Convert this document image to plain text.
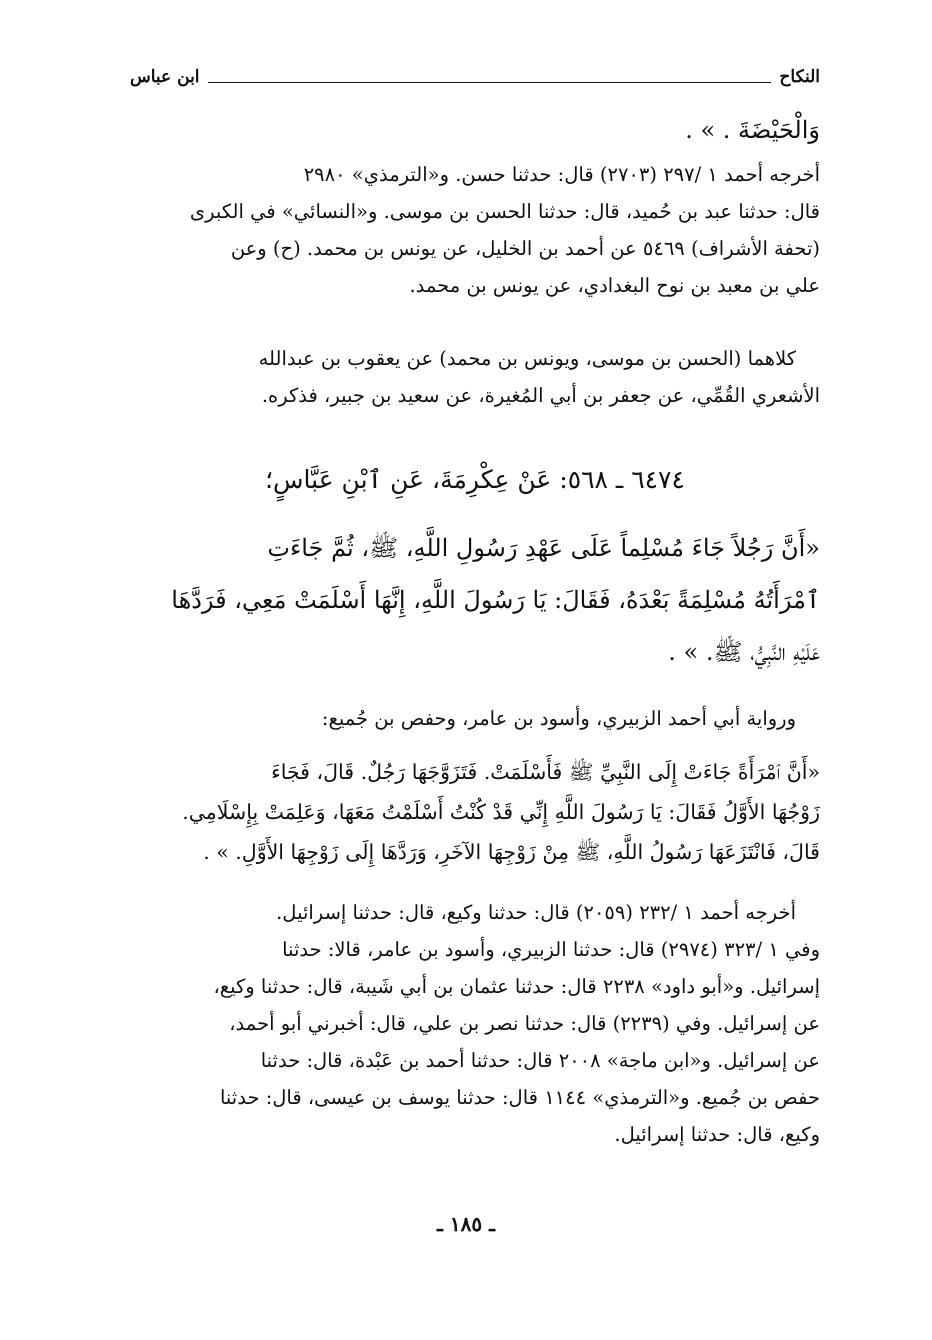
النكاح
ابن عباس
وَالْحَيْضَةَ . » .
أخرجه أحمد ١ /٢٩٧ (٢٧٠٣) قال: حدثنا حسن. و«الترمذي» ٢٩٨٠
قال: حدثنا عبد بن حُميد، قال: حدثنا الحسن بن موسى. و«النسائي» في الكبرى
(تحفة الأشراف) ٥٤٦٩ عن أحمد بن الخليل، عن يونس بن محمد. (ح) وعن
علي بن معبد بن نوح البغدادي، عن يونس بن محمد.
كلاهما (الحسن بن موسى، ويونس بن محمد) عن يعقوب بن عبدالله
الأشعري القُمِّي، عن جعفر بن أبي المُغيرة، عن سعيد بن جبير، فذكره.
٦٤٧٤ ـ ٥٦٨: عَنْ عِكْرِمَةَ، عَنِ ٱبْنِ عَبَّاسٍ؛
«أَنَّ رَجُلاً جَاءَ مُسْلِماً عَلَى عَهْدِ رَسُولِ اللَّهِ، ﷺ، ثُمَّ جَاءَتِ
ٱمْرَأَتُهُ مُسْلِمَةً بَعْدَهُ، فَقَالَ: يَا رَسُولَ اللَّهِ، إِنَّهَا أَسْلَمَتْ مَعِي، فَرَدَّهَا
عَلَيْهِ النَّبِيُّ، ﷺ. » .
ورواية أبي أحمد الزبيري، وأسود بن عامر، وحفص بن جُميع:
«أَنَّ ٱمْرَأَةً جَاءَتْ إِلَى النَّبِيِّ ﷺ فَأَسْلَمَتْ. فَتَزَوَّجَهَا رَجُلٌ. قَالَ، فَجَاءَ
زَوْجُهَا الأَوَّلُ فَقَالَ: يَا رَسُولَ اللَّهِ إِنِّي قَدْ كُنْتُ أَسْلَمْتُ مَعَهَا، وَعَلِمَتْ بِإِسْلَامِي.
قَالَ، فَانْتَزَعَهَا رَسُولُ اللَّهِ، ﷺ مِنْ زَوْجِهَا الآخَرِ، وَرَدَّهَا إِلَى زَوْجِهَا الأَوَّلِ. » .
أخرجه أحمد ١ /٢٣٢ (٢٠٥٩) قال: حدثنا وكيع، قال: حدثنا إسرائيل.
وفي ١ /٣٢٣ (٢٩٧٤) قال: حدثنا الزبيري، وأسود بن عامر، قالا: حدثنا
إسرائيل. و«أبو داود» ٢٢٣٨ قال: حدثنا عثمان بن أبي شَيبة، قال: حدثنا وكيع،
عن إسرائيل. وفي (٢٢٣٩) قال: حدثنا نصر بن علي، قال: أخبرني أبو أحمد،
عن إسرائيل. و«ابن ماجة» ٢٠٠٨ قال: حدثنا أحمد بن عَبْدة، قال: حدثنا
حفص بن جُميع. و«الترمذي» ١١٤٤ قال: حدثنا يوسف بن عيسى، قال: حدثنا
وكيع، قال: حدثنا إسرائيل.
ـ ١٨٥ ـ
